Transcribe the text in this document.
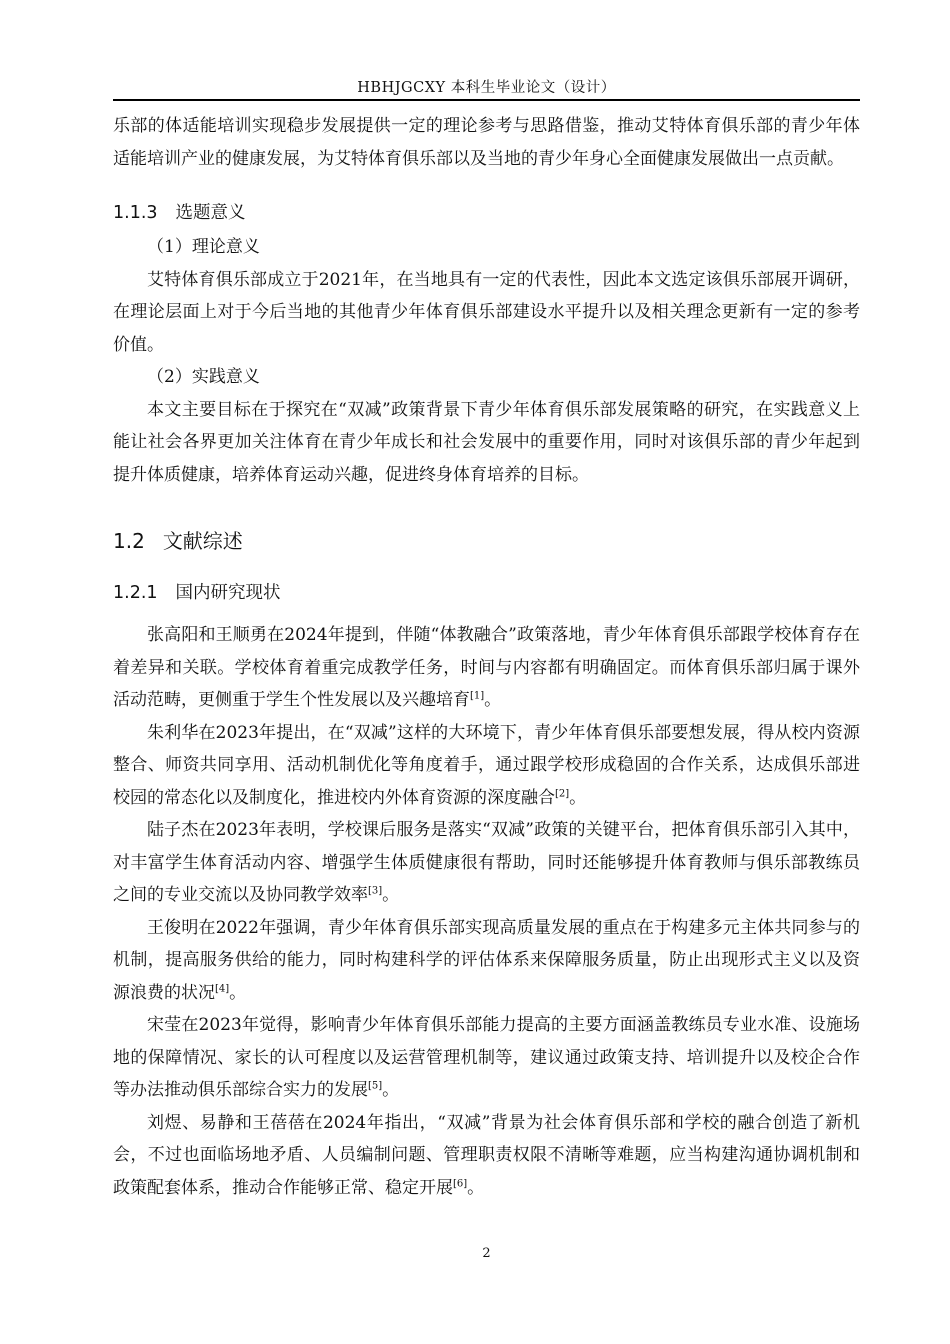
HBHJGCXY 本科生毕业论文（设计）

乐部的体适能培训实现稳步发展提供一定的理论参考与思路借鉴，推动艾特体育俱乐部的青少年体适能培训产业的健康发展，为艾特体育俱乐部以及当地的青少年身心全面健康发展做出一点贡献。

1.1.3 选题意义

（1）理论意义

艾特体育俱乐部成立于2021年，在当地具有一定的代表性，因此本文选定该俱乐部展开调研，在理论层面上对于今后当地的其他青少年体育俱乐部建设水平提升以及相关理念更新有一定的参考价值。

（2）实践意义

本文主要目标在于探究在“双减”政策背景下青少年体育俱乐部发展策略的研究，在实践意义上能让社会各界更加关注体育在青少年成长和社会发展中的重要作用，同时对该俱乐部的青少年起到提升体质健康，培养体育运动兴趣，促进终身体育培养的目标。

1.2 文献综述
1.2.1 国内研究现状

张高阳和王顺勇在2024年提到，伴随“体教融合”政策落地，青少年体育俱乐部跟学校体育存在着差异和关联。学校体育着重完成教学任务，时间与内容都有明确固定。而体育俱乐部归属于课外活动范畴，更侧重于学生个性发展以及兴趣培育[1]。

朱利华在2023年提出，在“双减”这样的大环境下，青少年体育俱乐部要想发展，得从校内资源整合、师资共同享用、活动机制优化等角度着手，通过跟学校形成稳固的合作关系，达成俱乐部进校园的常态化以及制度化，推进校内外体育资源的深度融合[2]。

陆子杰在2023年表明，学校课后服务是落实“双减”政策的关键平台，把体育俱乐部引入其中，对丰富学生体育活动内容、增强学生体质健康很有帮助，同时还能够提升体育教师与俱乐部教练员之间的专业交流以及协同教学效率[3]。

王俊明在2022年强调，青少年体育俱乐部实现高质量发展的重点在于构建多元主体共同参与的机制，提高服务供给的能力，同时构建科学的评估体系来保障服务质量，防止出现形式主义以及资源浪费的状况[4]。

宋莹在2023年觉得，影响青少年体育俱乐部能力提高的主要方面涵盖教练员专业水准、设施场地的保障情况、家长的认可程度以及运营管理机制等，建议通过政策支持、培训提升以及校企合作等办法推动俱乐部综合实力的发展[5]。

刘煜、易静和王蓓蓓在2024年指出，“双减”背景为社会体育俱乐部和学校的融合创造了新机会，不过也面临场地矛盾、人员编制问题、管理职责权限不清晰等难题，应当构建沟通协调机制和政策配套体系，推动合作能够正常、稳定开展[6]。

2
